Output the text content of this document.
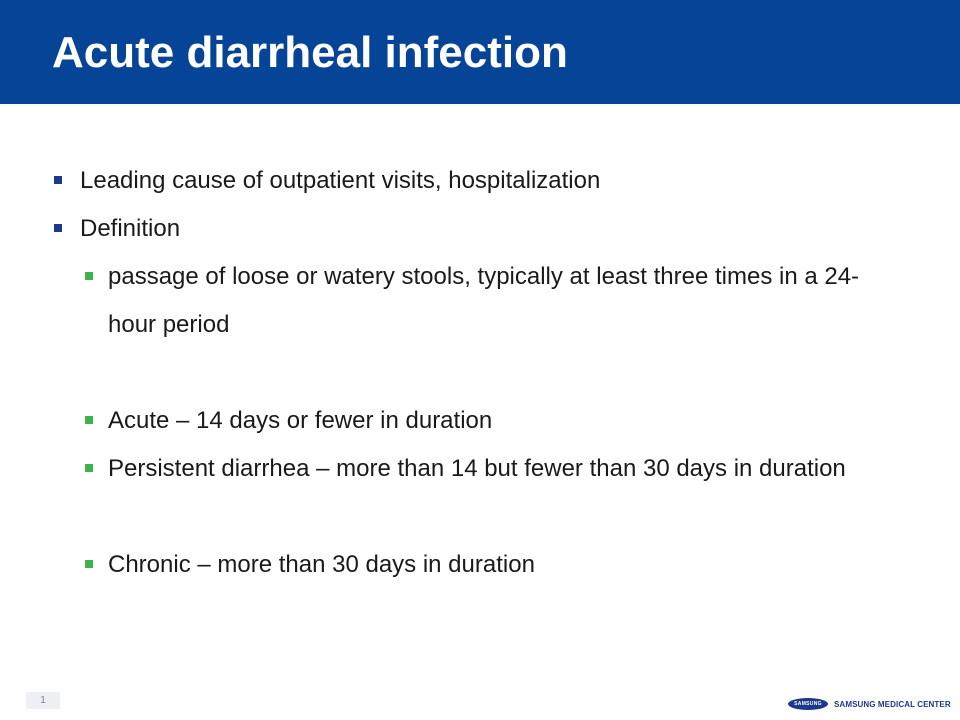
Acute diarrheal infection
Leading cause of outpatient visits, hospitalization
Definition
passage of loose or watery stools, typically at least three times in a 24-hour period
Acute – 14 days or fewer in duration
Persistent diarrhea – more than 14 but fewer than 30 days in duration
Chronic – more than 30 days in duration
1	SAMSUNG	SAMSUNG MEDICAL CENTER
